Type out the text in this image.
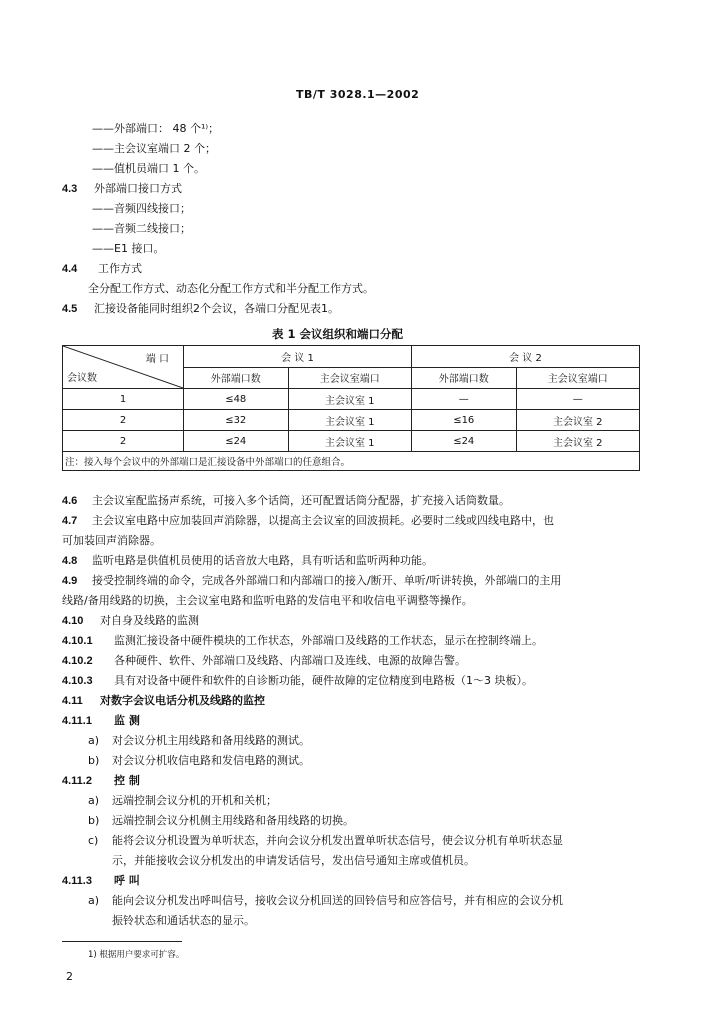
TB/T 3028.1—2002
——外部端口： 48 个¹⁾；
——主会议室端口 2 个；
——值机员端口 1 个。
4.3 外部端口接口方式
——音频四线接口；
——音频二线接口；
——E1 接口。
4.4 工作方式
全分配工作方式、动态化分配工作方式和半分配工作方式。
4.5 汇接设备能同时组织2个会议，各端口分配见表1。
表 1 会议组织和端口分配
端 口
会议数	会 议 1		会 议 2	
	外部端口数	主会议室端口	外部端口数	主会议室端口
1	≤48	主会议室 1	—	—
2	≤32	主会议室 1	≤16	主会议室 2
2	≤24	主会议室 1	≤24	主会议室 2
注：接入每个会议中的外部端口是汇接设备中外部端口的任意组合。				
4.6 主会议室配监扬声系统，可接入多个话筒，还可配置话筒分配器，扩充接入话筒数量。
4.7 主会议室电路中应加装回声消除器，以提高主会议室的回波损耗。必要时二线或四线电路中，也
可加装回声消除器。
4.8 监听电路是供值机员使用的话音放大电路，具有听话和监听两种功能。
4.9 接受控制终端的命令，完成各外部端口和内部端口的接入/断开、单听/听讲转换，外部端口的主用
线路/备用线路的切换，主会议室电路和监听电路的发信电平和收信电平调整等操作。
4.10 对自身及线路的监测
4.10.1 监测汇接设备中硬件模块的工作状态，外部端口及线路的工作状态，显示在控制终端上。
4.10.2 各种硬件、软件、外部端口及线路、内部端口及连线、电源的故障告警。
4.10.3 具有对设备中硬件和软件的自诊断功能，硬件故障的定位精度到电路板（1～3 块板）。
4.11 对数字会议电话分机及线路的监控
4.11.1 监 测
a) 对会议分机主用线路和备用线路的测试。
b) 对会议分机收信电路和发信电路的测试。
4.11.2 控 制
a) 远端控制会议分机的开机和关机；
b) 远端控制会议分机侧主用线路和备用线路的切换。
c) 能将会议分机设置为单听状态，并向会议分机发出置单听状态信号，使会议分机有单听状态显
示，并能接收会议分机发出的申请发话信号，发出信号通知主席或值机员。
4.11.3 呼 叫
a) 能向会议分机发出呼叫信号，接收会议分机回送的回铃信号和应答信号，并有相应的会议分机
振铃状态和通话状态的显示。
1) 根据用户要求可扩容。
2
